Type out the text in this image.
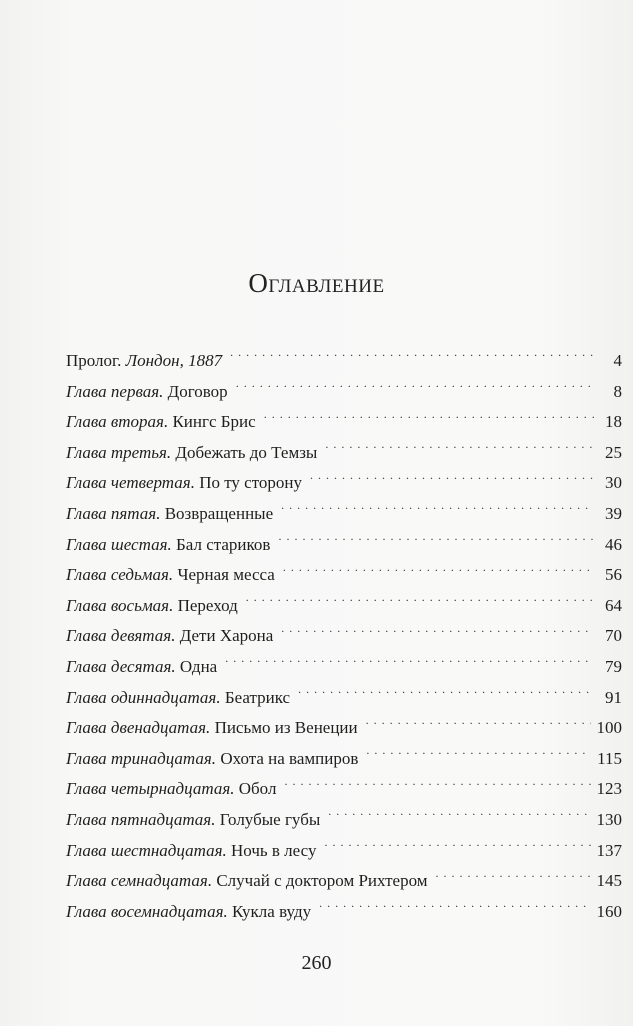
Оглавление
Пролог. Лондон, 1887 . . .	4
Глава первая. Договор . . .	8
Глава вторая. Кингс Брис . . .	18
Глава третья. Добежать до Темзы . . .	25
Глава четвертая. По ту сторону . . .	30
Глава пятая. Возвращенные . . .	39
Глава шестая. Бал стариков . . .	46
Глава седьмая. Черная месса . . .	56
Глава восьмая. Переход . . .	64
Глава девятая. Дети Харона . . .	70
Глава десятая. Одна . . .	79
Глава одиннадцатая. Беатрикс . . .	91
Глава двенадцатая. Письмо из Венеции . . .	100
Глава тринадцатая. Охота на вампиров . . .	115
Глава четырнадцатая. Обол . . .	123
Глава пятнадцатая. Голубые губы . . .	130
Глава шестнадцатая. Ночь в лесу . . .	137
Глава семнадцатая. Случай с доктором Рихтером . . .	145
Глава восемнадцатая. Кукла вуду . . .	160
260
